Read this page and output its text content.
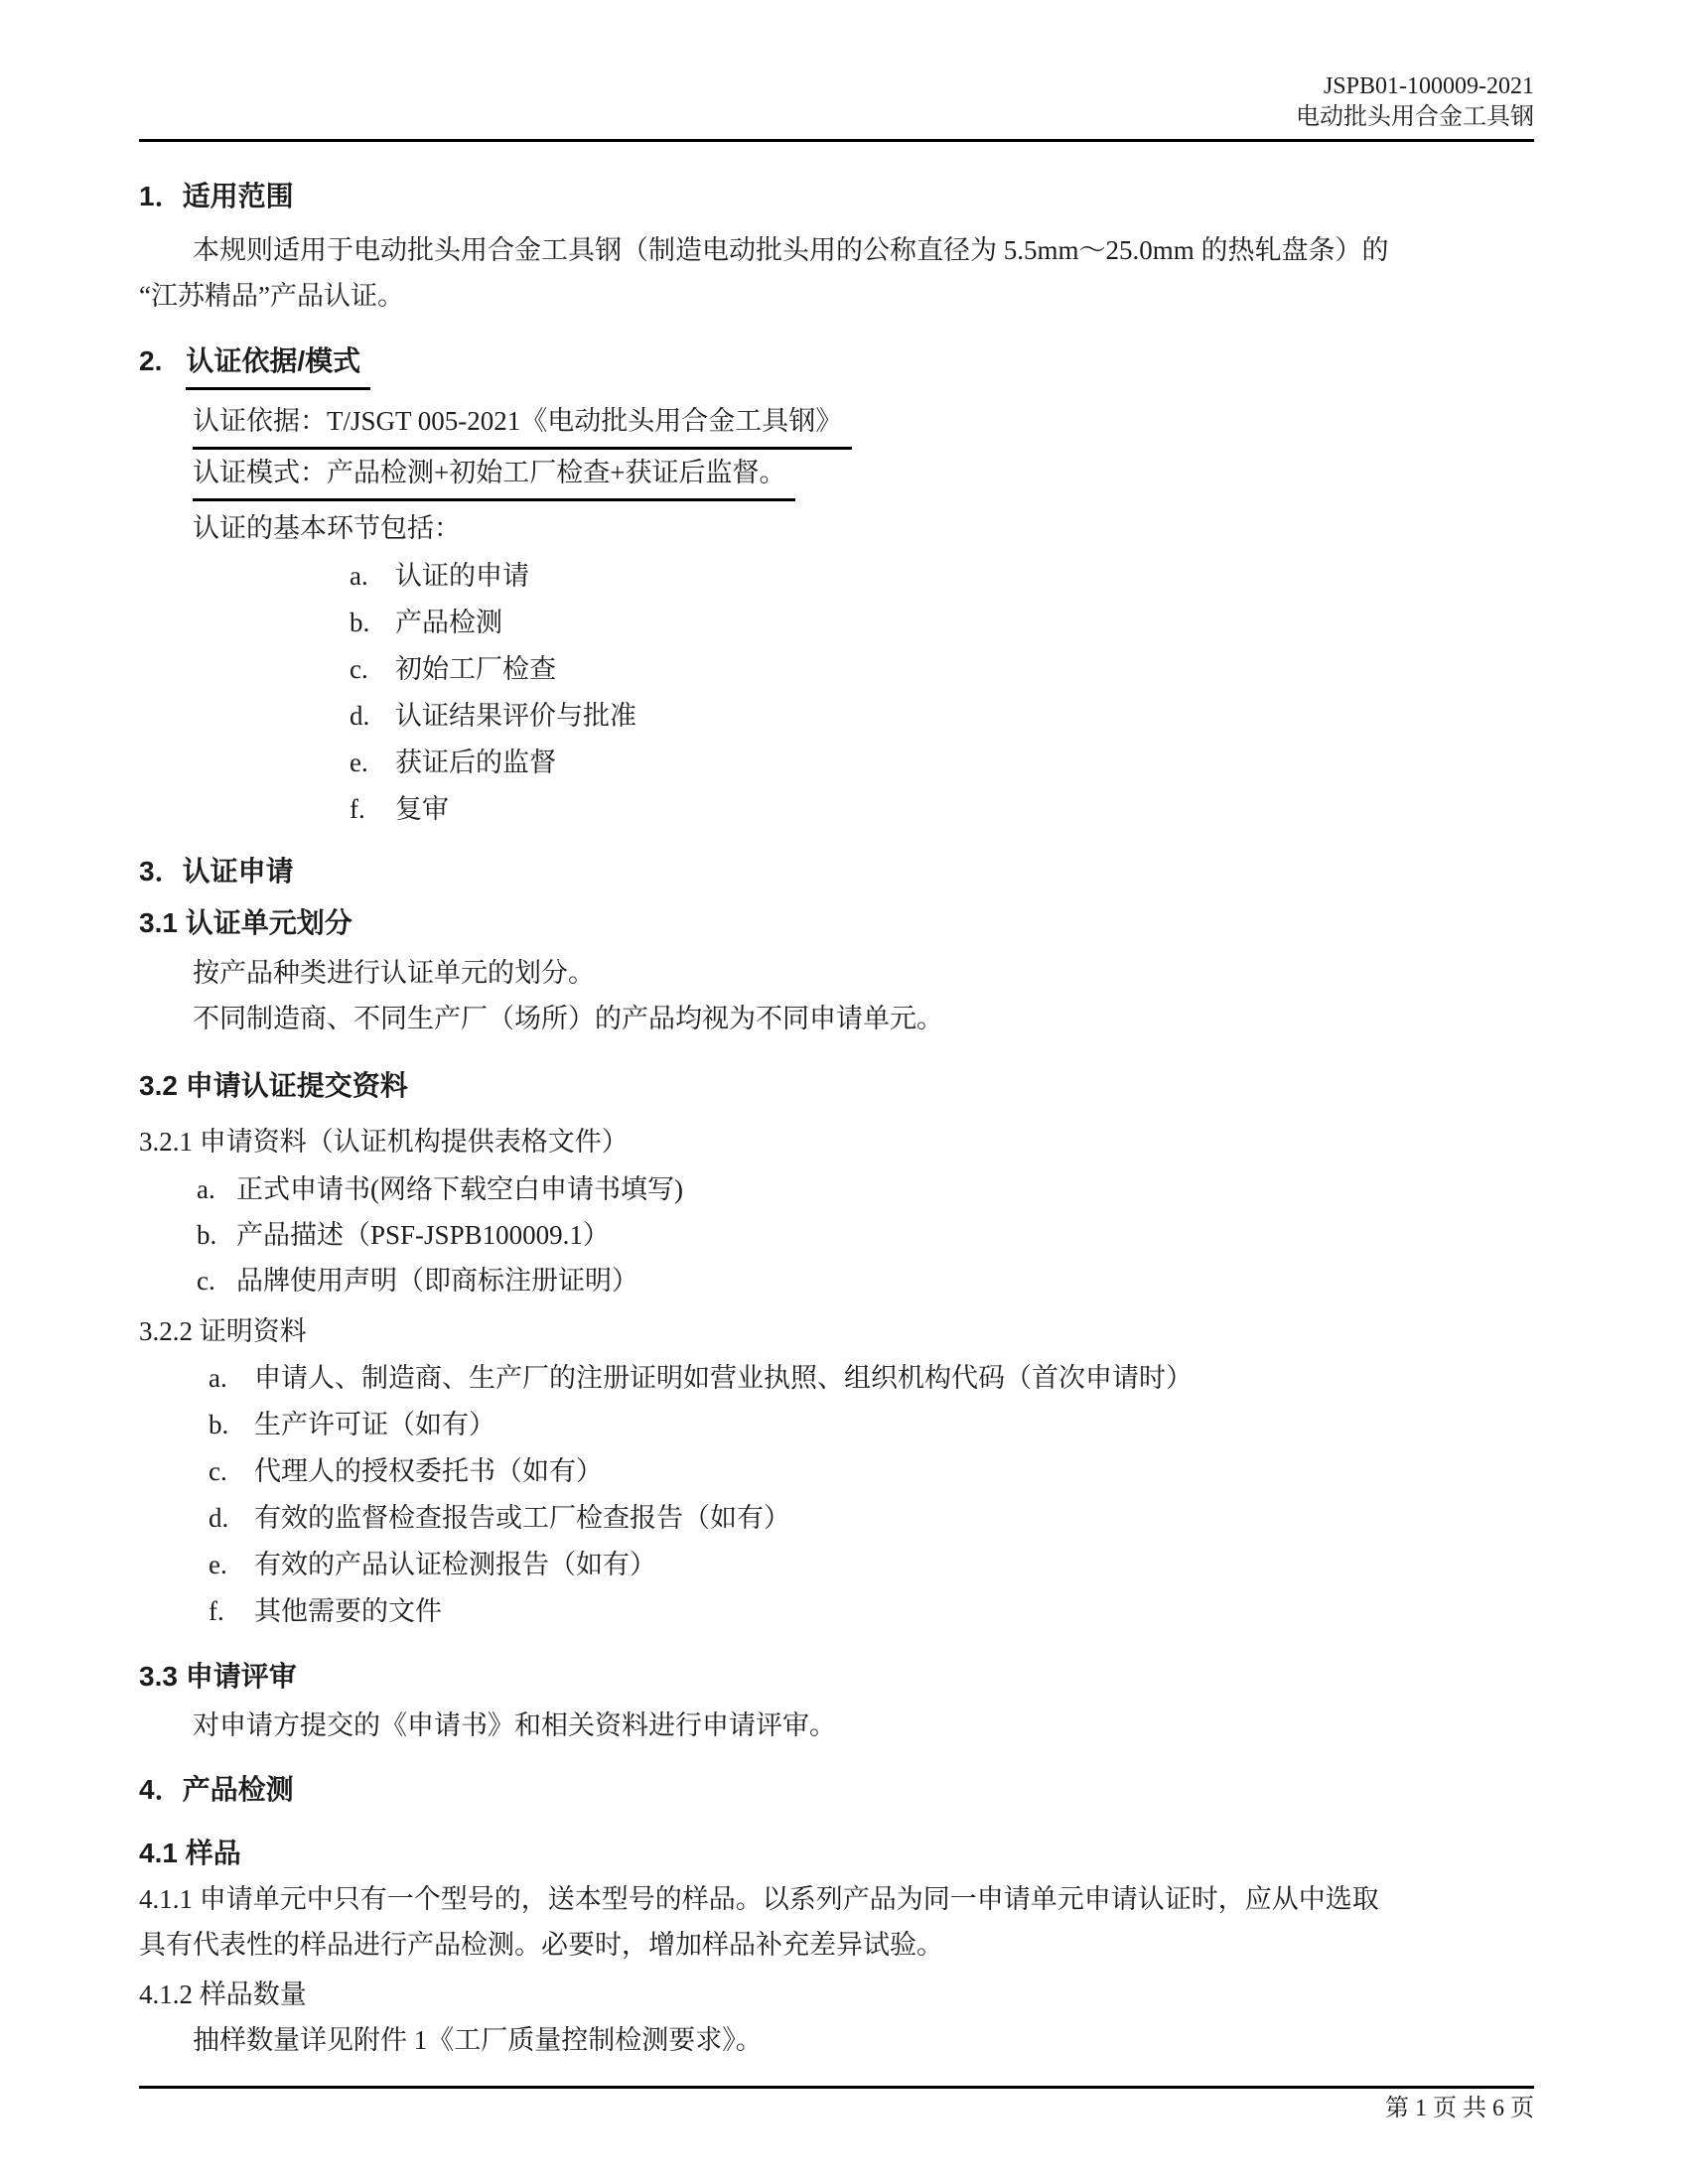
JSPB01-100009-2021
电动批头用合金工具钢
1．适用范围
本规则适用于电动批头用合金工具钢（制造电动批头用的公称直径为 5.5mm～25.0mm 的热轧盘条）的
“江苏精品”产品认证。
2. 认证依据/模式
认证依据：T/JSGT 005-2021《电动批头用合金工具钢》
认证模式：产品检测+初始工厂检查+获证后监督。
认证的基本环节包括：
a. 认证的申请
b. 产品检测
c. 初始工厂检查
d. 认证结果评价与批准
e. 获证后的监督
f. 复审
3．认证申请
3.1 认证单元划分
按产品种类进行认证单元的划分。
不同制造商、不同生产厂（场所）的产品均视为不同申请单元。
3.2 申请认证提交资料
3.2.1 申请资料（认证机构提供表格文件）
a. 正式申请书(网络下载空白申请书填写)
b. 产品描述（PSF-JSPB100009.1）
c. 品牌使用声明（即商标注册证明）
3.2.2 证明资料
a. 申请人、制造商、生产厂的注册证明如营业执照、组织机构代码（首次申请时）
b. 生产许可证（如有）
c. 代理人的授权委托书（如有）
d. 有效的监督检查报告或工厂检查报告（如有）
e. 有效的产品认证检测报告（如有）
f. 其他需要的文件
3.3 申请评审
对申请方提交的《申请书》和相关资料进行申请评审。
4．产品检测
4.1 样品
4.1.1 申请单元中只有一个型号的，送本型号的样品。以系列产品为同一申请单元申请认证时，应从中选取
具有代表性的样品进行产品检测。必要时，增加样品补充差异试验。
4.1.2 样品数量
抽样数量详见附件 1《工厂质量控制检测要求》。
第 1 页 共 6 页
